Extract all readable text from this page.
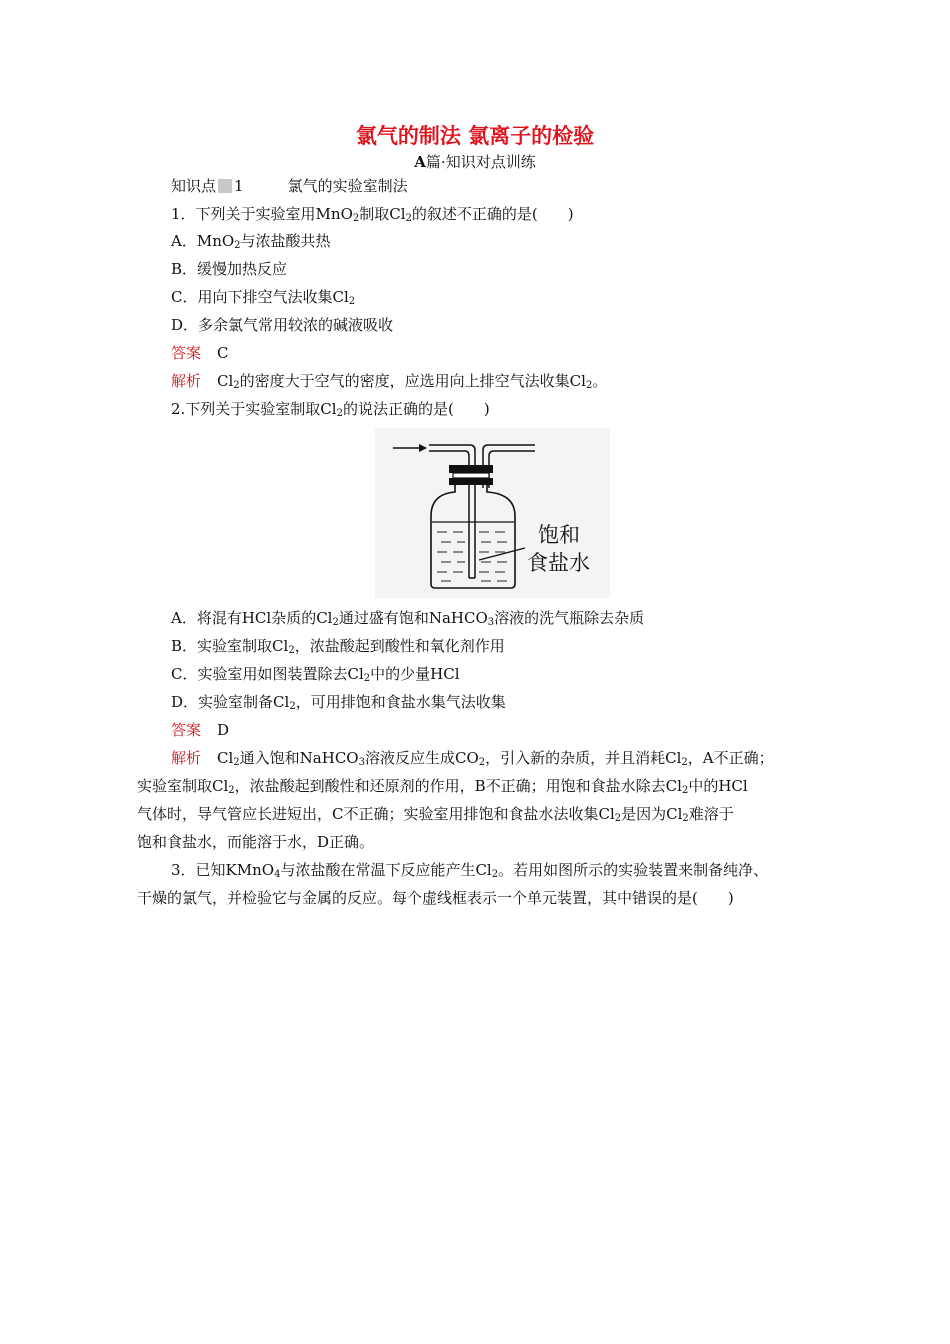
氯气的制法 氯离子的检验
A篇·知识对点训练
知识点 1	氯气的实验室制法
1．下列关于实验室用MnO$_2$制取$Cl_2$的叙述不正确的是(　　)
A．MnO$_2$与浓盐酸共热
B．缓慢加热反应
C．用向下排空气法收集$Cl_2$
D．多余氯气常用较浓的碱液吸收
答案 C
解析 $Cl_2$的密度大于空气的密度，应选用向上排空气法收集$Cl_2$。
2.下列关于实验室制取$Cl_2$的说法正确的是(　　)
饱和
食盐水
A．将混有HCl杂质的$Cl_2$通过盛有饱和NaHCO$_3$溶液的洗气瓶除去杂质
B．实验室制取$Cl_2$，浓盐酸起到酸性和氧化剂作用
C．实验室用如图装置除去$Cl_2$中的少量HCl
D．实验室制备$Cl_2$，可用排饱和食盐水集气法收集
答案 D
解析 $Cl_2$通入饱和NaHCO$_3$溶液反应生成$CO_2$，引入新的杂质，并且消耗$Cl_2$，A不正确；
实验室制取$Cl_2$，浓盐酸起到酸性和还原剂的作用，B不正确；用饱和食盐水除去$Cl_2$中的HCl
气体时，导气管应长进短出，C不正确；实验室用排饱和食盐水法收集$Cl_2$是因为$Cl_2$难溶于
饱和食盐水，而能溶于水，D正确。
3．已知KMnO$_4$与浓盐酸在常温下反应能产生$Cl_2$。若用如图所示的实验装置来制备纯净、
干燥的氯气，并检验它与金属的反应。每个虚线框表示一个单元装置，其中错误的是(　　)
